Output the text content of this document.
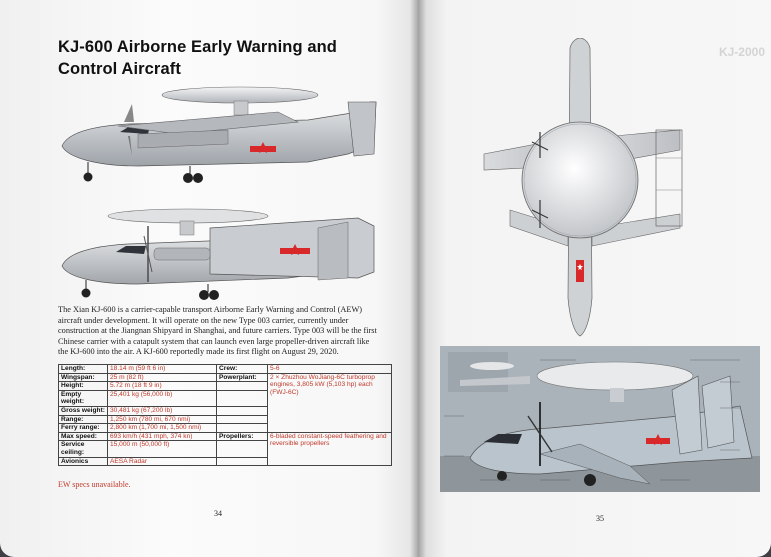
KJ-600 Airborne Early Warning and Control Aircraft

The Xian KJ-600 is a carrier-capable transport Airborne Early Warning and Control (AEW) aircraft under development. It will operate on the new Type 003 carrier, currently under construction at the Jiangnan Shipyard in Shanghai, and future carriers. Type 003 will be the first Chinese carrier with a catapult system that can launch even large propeller-driven aircraft like the KJ-600 into the air. A KJ-600 reportedly made its first flight on August 29, 2020.

Length:	18.14 m (59 ft 6 in)	Crew:	5-6
Wingspan:	25 m (82 ft)	Powerplant:	2 × Zhuzhou WoJiang-6C turboprop engines, 3,805 kW (5,103 hp) each (FWJ-6C)
Height:	5.72 m (18 ft 9 in)		
Empty weight:	25,401 kg (56,000 lb)		
Gross weight:	30,481 kg (67,200 lb)		
Range:	1,250 km (780 mi, 670 nmi)		
Ferry range:	2,800 km (1,700 mi, 1,500 nmi)		
Max speed:	693 km/h (431 mph, 374 kn)	Propellers:	6-bladed constant-speed feathering and reversible propellers
Service ceiling:	15,000 m (50,000 ft)		
Avionics	AESA Radar		
EW specs unavailable.
34
KJ-2000
35
